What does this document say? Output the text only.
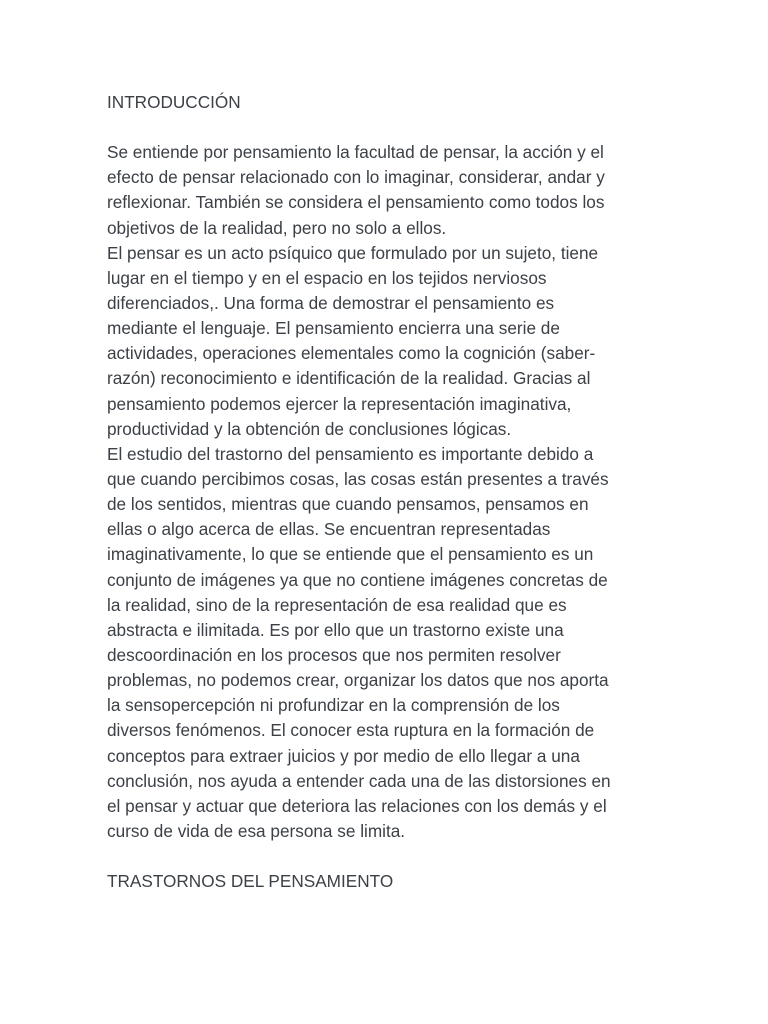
INTRODUCCIÓN
Se entiende por pensamiento la facultad de pensar, la acción y el
efecto de pensar relacionado con lo imaginar, considerar, andar y
reflexionar. También se considera el pensamiento como todos los
objetivos de la realidad, pero no solo a ellos.
El pensar es un acto psíquico que formulado por un sujeto, tiene
lugar en el tiempo y en el espacio en los tejidos nerviosos
diferenciados,. Una forma de demostrar el pensamiento es
mediante el lenguaje. El pensamiento encierra una serie de
actividades, operaciones elementales como la cognición (saber-
razón) reconocimiento e identificación de la realidad. Gracias al
pensamiento podemos ejercer la representación imaginativa,
productividad y la obtención de conclusiones lógicas.
El estudio del trastorno del pensamiento es importante debido a
que cuando percibimos cosas, las cosas están presentes a través
de los sentidos, mientras que cuando pensamos, pensamos en
ellas o algo acerca de ellas. Se encuentran representadas
imaginativamente, lo que se entiende que el pensamiento es un
conjunto de imágenes ya que no contiene imágenes concretas de
la realidad, sino de la representación de esa realidad que es
abstracta e ilimitada. Es por ello que un trastorno existe una
descoordinación en los procesos que nos permiten resolver
problemas, no podemos crear, organizar los datos que nos aporta
la sensopercepción ni profundizar en la comprensión de los
diversos fenómenos. El conocer esta ruptura en la formación de
conceptos para extraer juicios y por medio de ello llegar a una
conclusión, nos ayuda a entender cada una de las distorsiones en
el pensar y actuar que deteriora las relaciones con los demás y el
curso de vida de esa persona se limita.
TRASTORNOS DEL PENSAMIENTO
